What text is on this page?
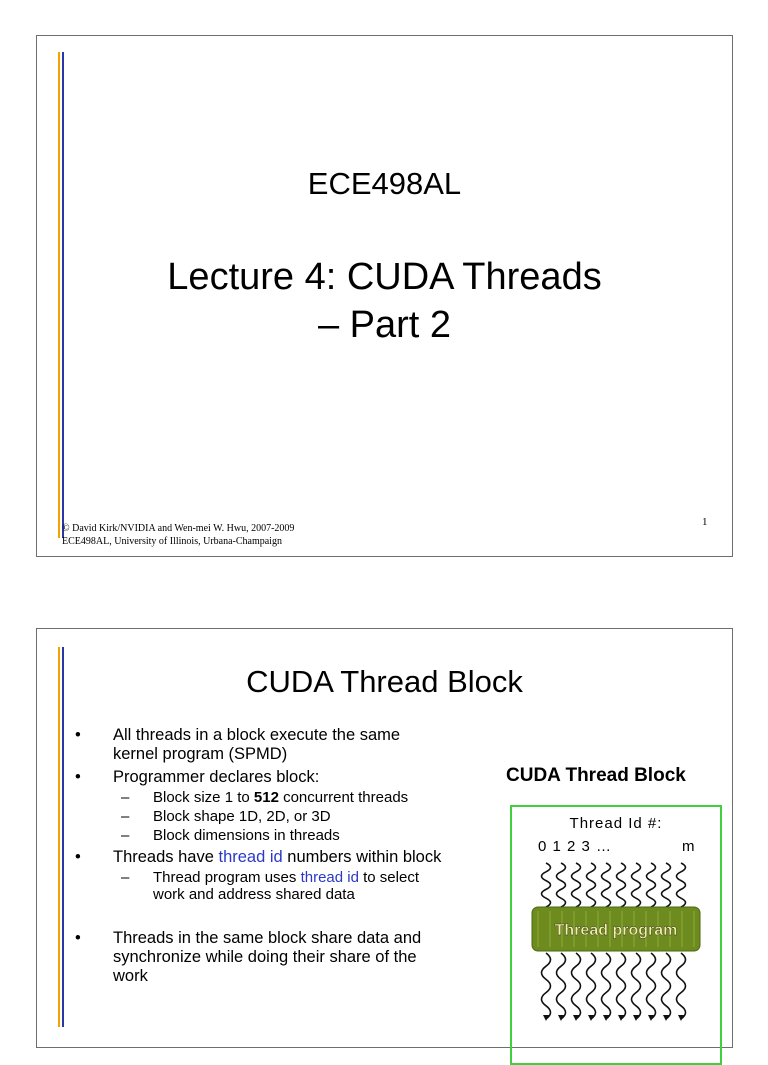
ECE498AL
Lecture 4: CUDA Threads
– Part 2
© David Kirk/NVIDIA and Wen-mei W. Hwu, 2007-2009
ECE498AL, University of Illinois, Urbana-Champaign
1
CUDA Thread Block
• All threads in a block execute the same
kernel program (SPMD)
• Programmer declares block:
– Block size 1 to 512 concurrent threads
– Block shape 1D, 2D, or 3D
– Block dimensions in threads
• Threads have thread id numbers within block
– Thread program uses thread id to select
work and address shared data
• Threads in the same block share data and
synchronize while doing their share of the
work
CUDA Thread Block
Thread Id #:
0 1 2 3 …	m
Thread program
